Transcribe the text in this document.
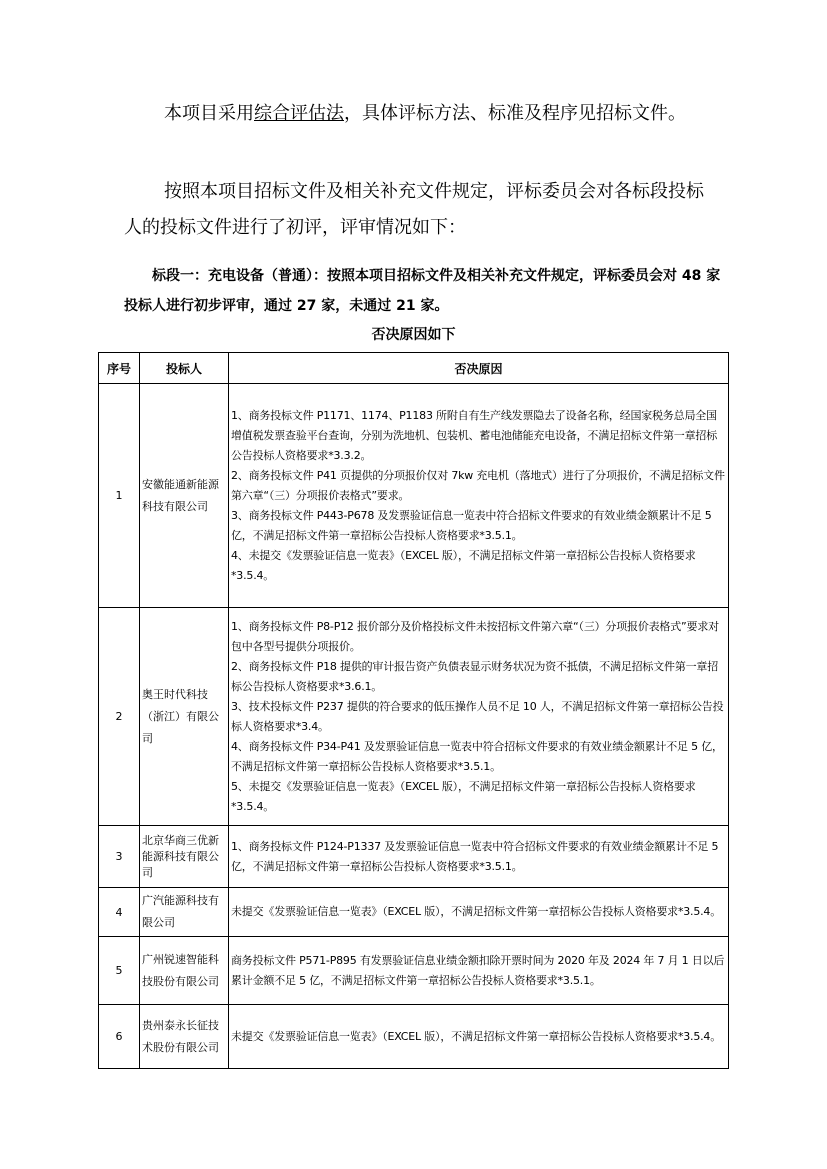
本项目采用综合评估法，具体评标方法、标准及程序见招标文件。

按照本项目招标文件及相关补充文件规定，评标委员会对各标段投标人的投标文件进行了初评，评审情况如下：

标段一：充电设备（普通）：按照本项目招标文件及相关补充文件规定，评标委员会对 48 家投标人进行初步评审，通过 27 家，未通过 21 家。

否决原因如下
序号	投标人	否决原因
1	安徽能通新能源科技有限公司	1、商务投标文件 P1171、1174、P1183 所附自有生产线发票隐去了设备名称，经国家税务总局全国增值税发票查验平台查询，分别为洗地机、包装机、蓄电池储能充电设备，不满足招标文件第一章招标公告投标人资格要求*3.3.2。
2、商务投标文件 P41 页提供的分项报价仅对 7kw 充电机（落地式）进行了分项报价，不满足招标文件第六章“（三）分项报价表格式”要求。
3、商务投标文件 P443-P678 及发票验证信息一览表中符合招标文件要求的有效业绩金额累计不足 5 亿，不满足招标文件第一章招标公告投标人资格要求*3.5.1。
4、未提交《发票验证信息一览表》（EXCEL 版），不满足招标文件第一章招标公告投标人资格要求*3.5.4。

2	奥王时代科技（浙江）有限公司	1、商务投标文件 P8-P12 报价部分及价格投标文件未按招标文件第六章“（三）分项报价表格式”要求对包中各型号提供分项报价。
2、商务投标文件 P18 提供的审计报告资产负债表显示财务状况为资不抵债，不满足招标文件第一章招标公告投标人资格要求*3.6.1。
3、技术投标文件 P237 提供的符合要求的低压操作人员不足 10 人，不满足招标文件第一章招标公告投标人资格要求*3.4。
4、商务投标文件 P34-P41 及发票验证信息一览表中符合招标文件要求的有效业绩金额累计不足 5 亿，不满足招标文件第一章招标公告投标人资格要求*3.5.1。
5、未提交《发票验证信息一览表》（EXCEL 版），不满足招标文件第一章招标公告投标人资格要求*3.5.4。

3	北京华商三优新能源科技有限公司	1、商务投标文件 P124-P1337 及发票验证信息一览表中符合招标文件要求的有效业绩金额累计不足 5 亿，不满足招标文件第一章招标公告投标人资格要求*3.5.1。

4	广汽能源科技有限公司	未提交《发票验证信息一览表》（EXCEL 版），不满足招标文件第一章招标公告投标人资格要求*3.5.4。

5	广州锐速智能科技股份有限公司	商务投标文件 P571-P895 有发票验证信息业绩金额扣除开票时间为 2020 年及 2024 年 7 月 1 日以后累计金额不足 5 亿，不满足招标文件第一章招标公告投标人资格要求*3.5.1。

6	贵州泰永长征技术股份有限公司	未提交《发票验证信息一览表》（EXCEL 版），不满足招标文件第一章招标公告投标人资格要求*3.5.4。
